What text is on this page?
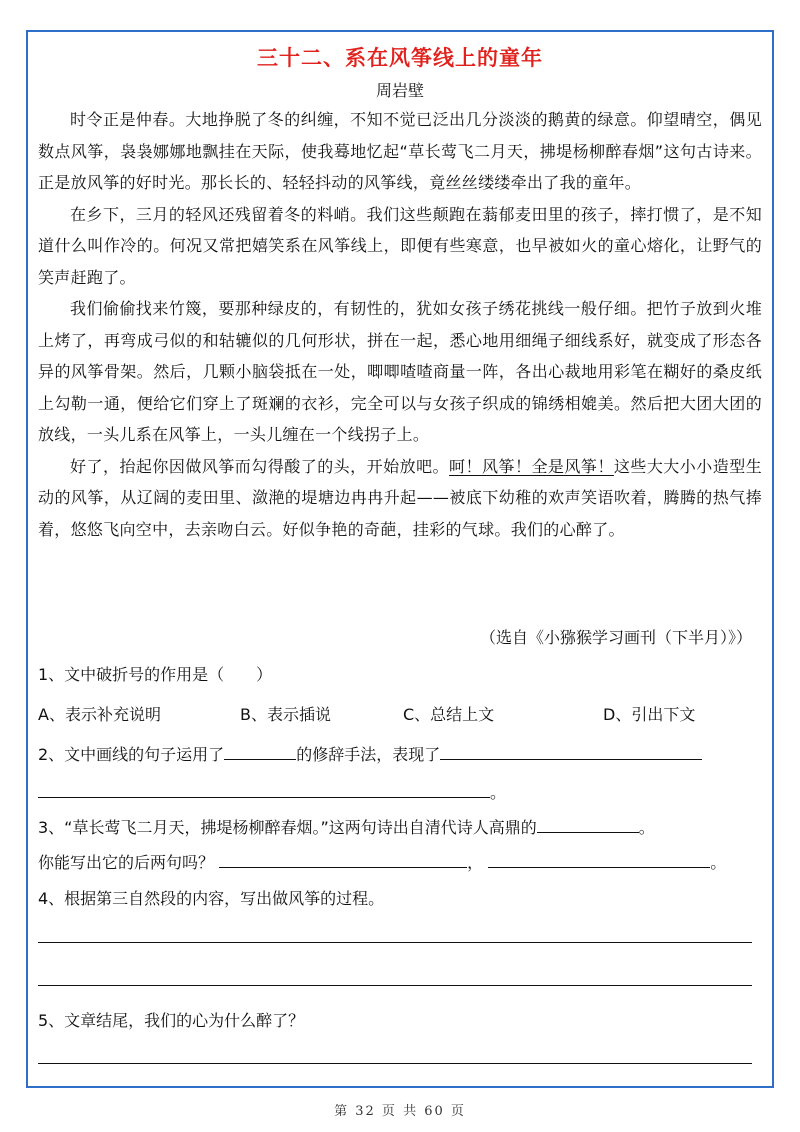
三十二、系在风筝线上的童年
周岩壁

时令正是仲春。大地挣脱了冬的纠缠，不知不觉已泛出几分淡淡的鹅黄的绿意。仰望晴空，偶见数点风筝，袅袅娜娜地飘挂在天际，使我蓦地忆起“草长莺飞二月天，拂堤杨柳醉春烟”这句古诗来。正是放风筝的好时光。那长长的、轻轻抖动的风筝线，竟丝丝缕缕牵出了我的童年。

在乡下，三月的轻风还残留着冬的料峭。我们这些颠跑在蓊郁麦田里的孩子，摔打惯了，是不知道什么叫作冷的。何况又常把嬉笑系在风筝线上，即便有些寒意，也早被如火的童心熔化，让野气的笑声赶跑了。

我们偷偷找来竹篾，要那种绿皮的，有韧性的，犹如女孩子绣花挑线一般仔细。把竹子放到火堆上烤了，再弯成弓似的和轱辘似的几何形状，拼在一起，悉心地用细绳子细线系好，就变成了形态各异的风筝骨架。然后，几颗小脑袋抵在一处，唧唧喳喳商量一阵，各出心裁地用彩笔在糊好的桑皮纸上勾勒一通，便给它们穿上了斑斓的衣衫，完全可以与女孩子织成的锦绣相媲美。然后把大团大团的放线，一头儿系在风筝上，一头儿缠在一个线拐子上。

好了，抬起你因做风筝而勾得酸了的头，开始放吧。呵！风筝！全是风筝！这些大大小小造型生动的风筝，从辽阔的麦田里、潋滟的堤塘边冉冉升起——被底下幼稚的欢声笑语吹着，腾腾的热气捧着，悠悠飞向空中，去亲吻白云。好似争艳的奇葩，挂彩的气球。我们的心醉了。

（选自《小猕猴学习画刊（下半月）》）
1、文中破折号的作用是（　　）
A、表示补充说明	B、表示插说	C、总结上文	D、引出下文
2、文中画线的句子运用了	的修辞手法，表现了
。
3、“草长莺飞二月天，拂堤杨柳醉春烟。”这两句诗出自清代诗人高鼎的	。
你能写出它的后两句吗？	，	。
4、根据第三自然段的内容，写出做风筝的过程。
5、文章结尾，我们的心为什么醉了？
第 32 页 共 60 页
